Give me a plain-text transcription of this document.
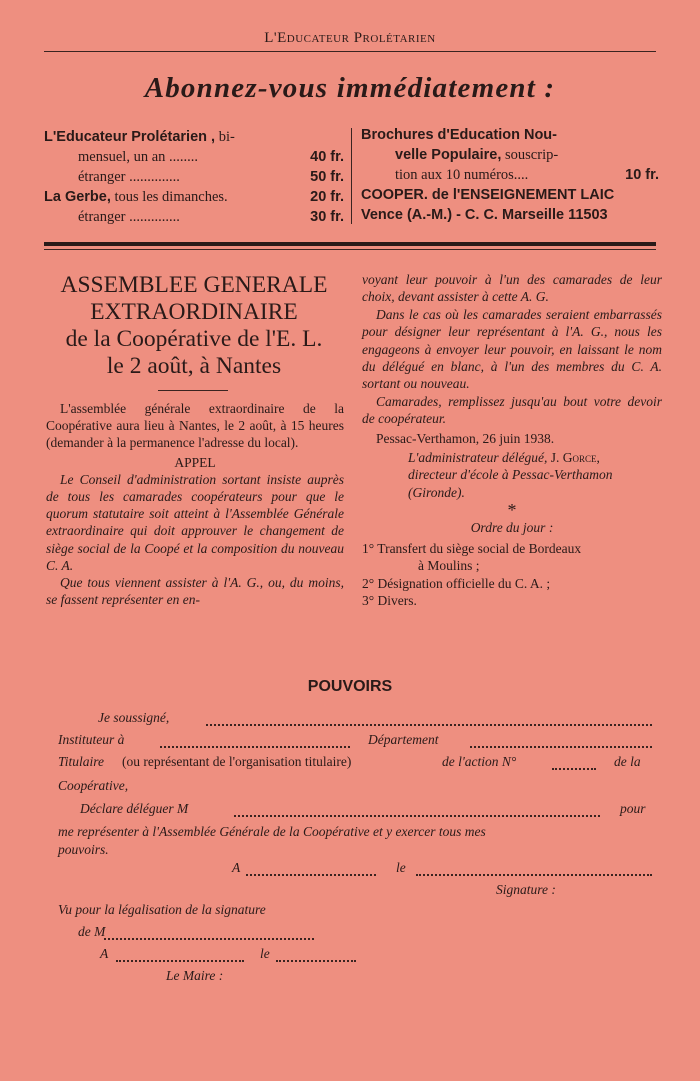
L'Educateur Prolétarien
Abonnez-vous immédiatement :
L'Educateur Prolétarien , bi-
mensuel, un an ........	40 fr.
étranger ..............	50 fr.
La Gerbe, tous les dimanches.	20 fr.
étranger ..............	30 fr.
Brochures d'Education Nou-
velle Populaire, souscrip-
tion aux 10 numéros....	10 fr.
COOPER. de l'ENSEIGNEMENT LAIC
Vence (A.-M.) - C. C. Marseille 11503
ASSEMBLEE GENERALE
EXTRAORDINAIRE
de la Coopérative de l'E. L.
le 2 août, à Nantes

L'assemblée générale extraordinaire de la Coopérative aura lieu à Nantes, le 2 août, à 15 heures (demander à la permanence l'adresse du local).

APPEL

Le Conseil d'administration sortant insiste auprès de tous les camarades coopérateurs pour que le quorum statutaire soit atteint à l'Assemblée Générale extraordinaire qui doit approuver le changement de siège social de la Coopé et la composition du nouveau C. A.

Que tous viennent assister à l'A. G., ou, du moins, se fassent représenter en en-

voyant leur pouvoir à l'un des camarades de leur choix, devant assister à cette A. G.

Dans le cas où les camarades seraient embarrassés pour désigner leur représentant à l'A. G., nous les engageons à envoyer leur pouvoir, en laissant le nom du délégué en blanc, à l'un des membres du C. A. sortant ou nouveau.

Camarades, remplissez jusqu'au bout votre devoir de coopérateur.

Pessac-Verthamon, 26 juin 1938.

L'administrateur délégué, J. Gorce,
directeur d'école à Pessac-Verthamon (Gironde).

*

Ordre du jour :

1° Transfert du siège social de Bordeaux
à Moulins ;

2° Désignation officielle du C. A. ;

3° Divers.

POUVOIRS
Je soussigné,
Instituteur à	Département
Titulaire (ou représentant de l'organisation titulaire)	de l'action N°	de la
Coopérative,
Déclare déléguer M	pour
me représenter à l'Assemblée Générale de la Coopérative et y exercer tous mes
pouvoirs.
A	le
Signature :
Vu pour la légalisation de la signature
de M
A	le
Le Maire :
